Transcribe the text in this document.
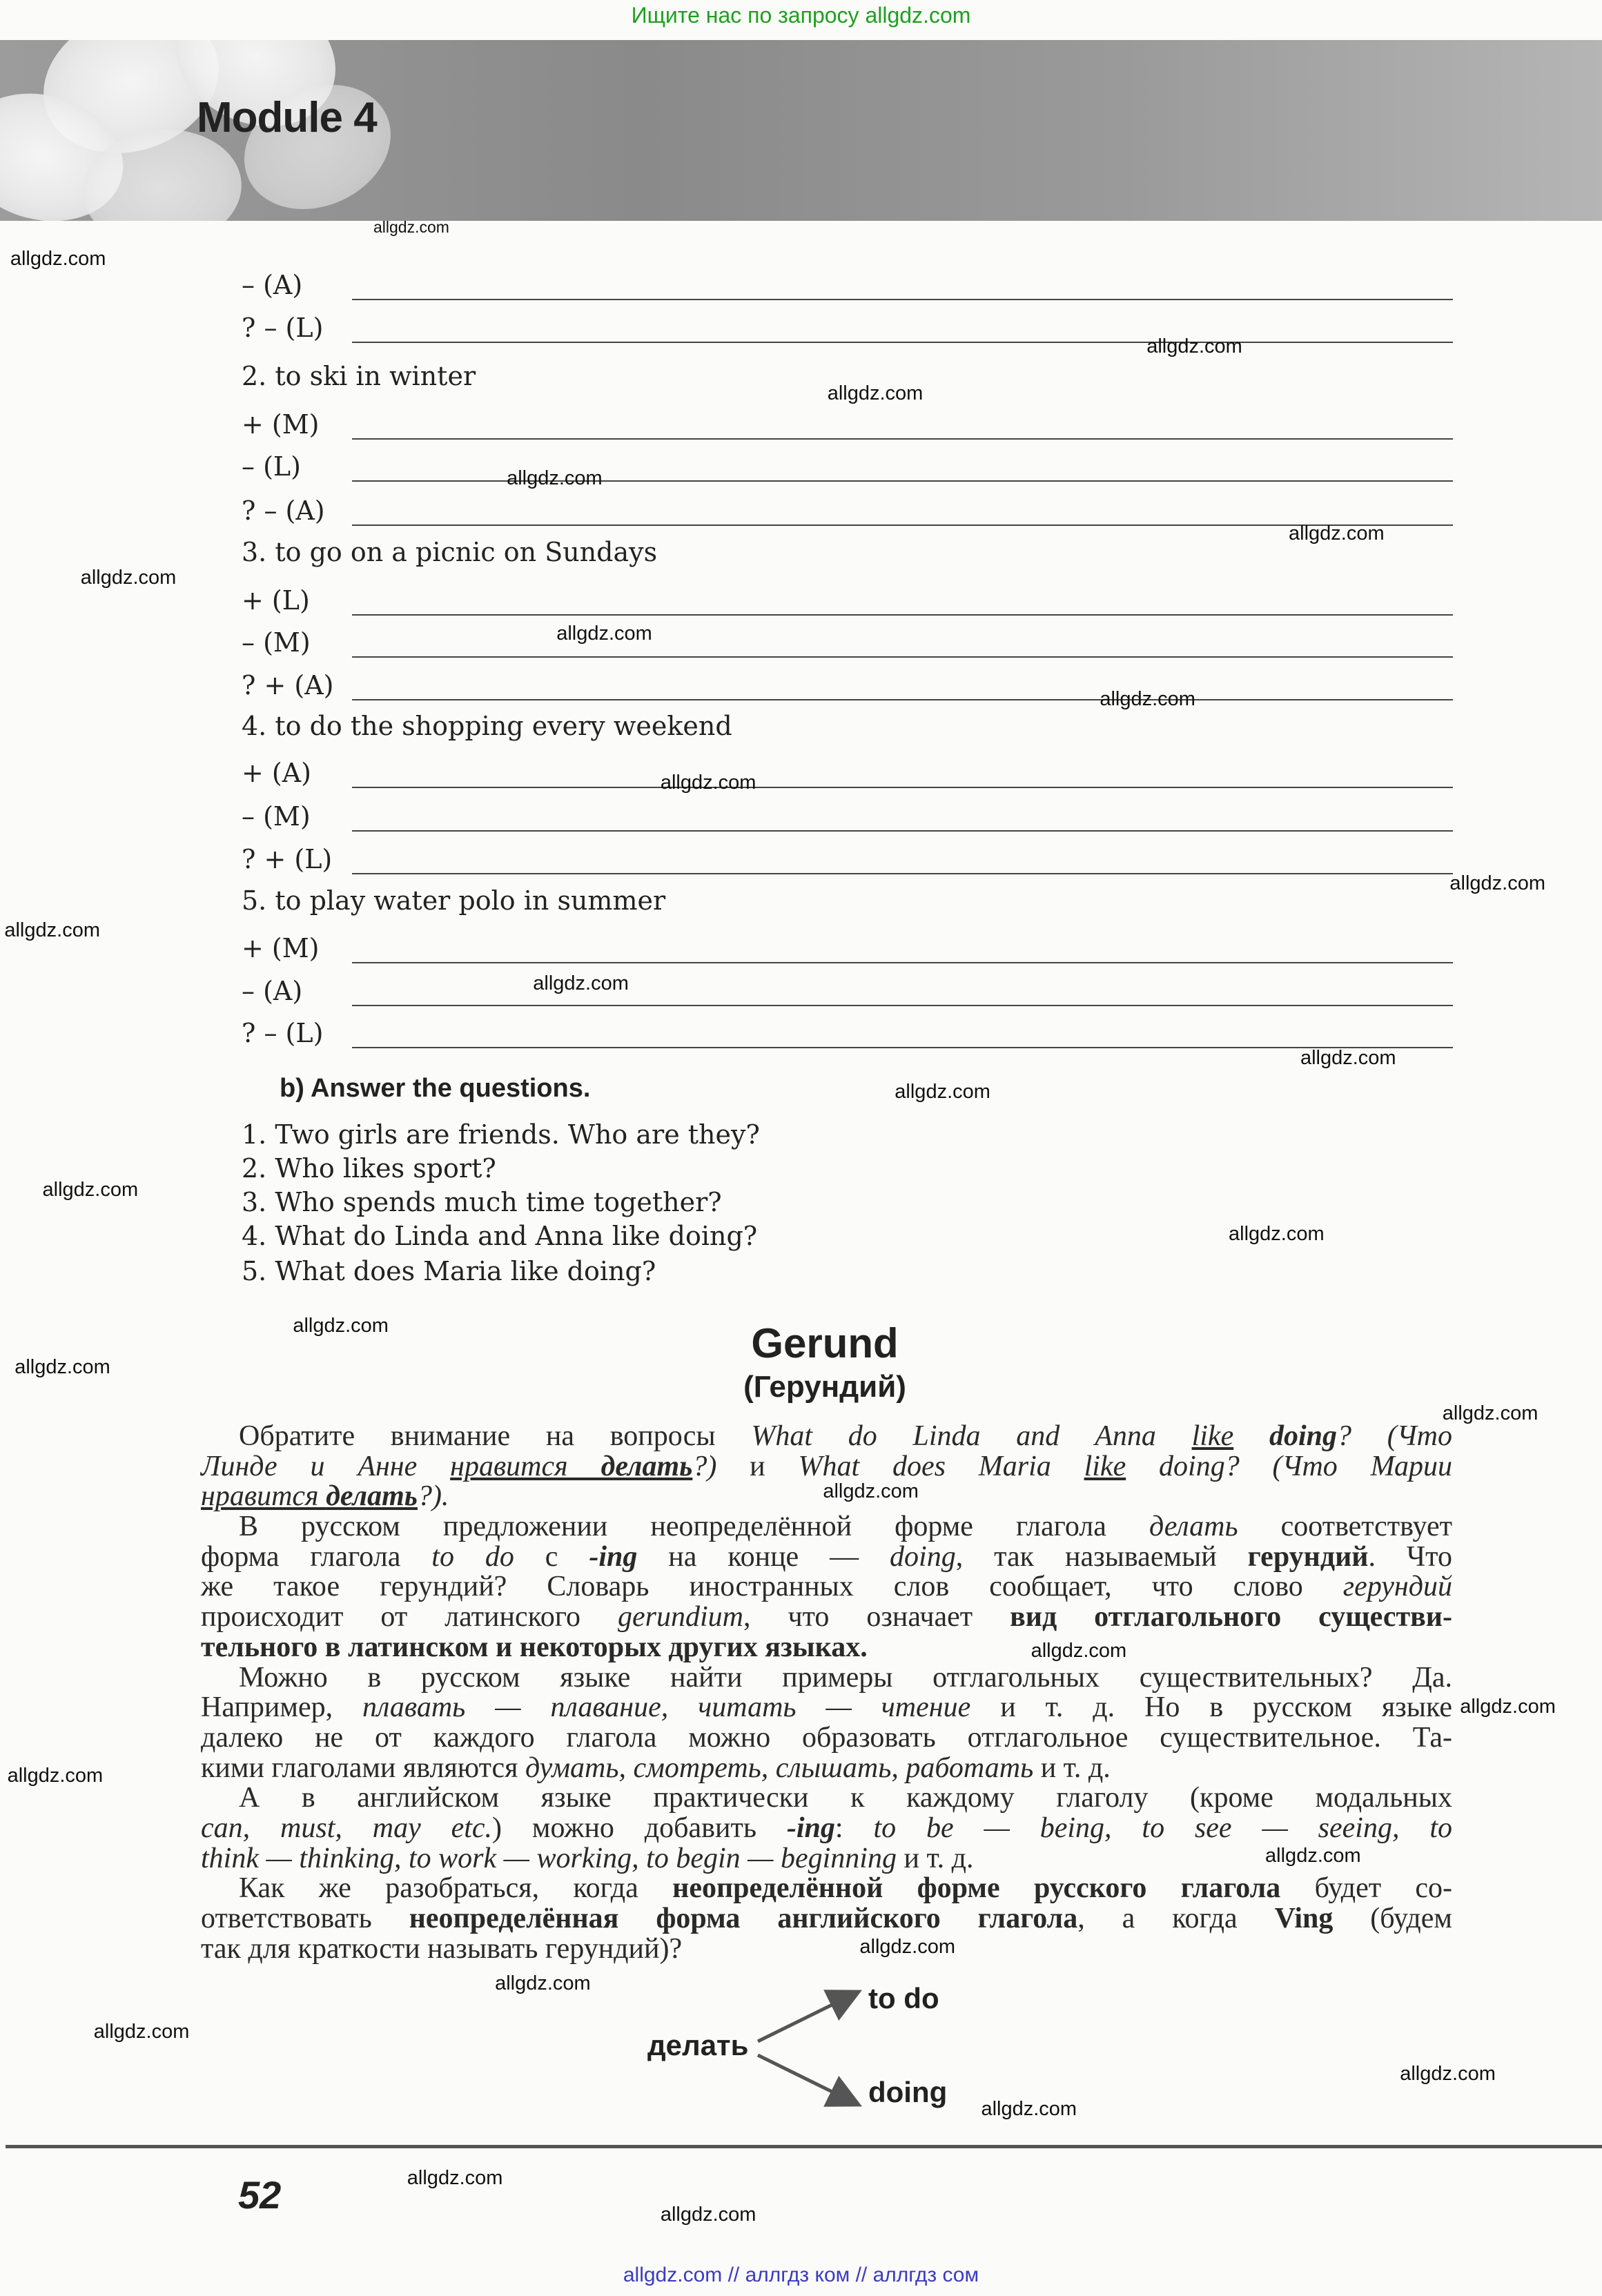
Ищите нас по запросу allgdz.com
Module 4
– (A)
? – (L)
2. to ski in winter
+ (M)
– (L)
? – (A)
3. to go on a picnic on Sundays
+ (L)
– (M)
? + (A)
4. to do the shopping every weekend
+ (A)
– (M)
? + (L)
5. to play water polo in summer
+ (M)
– (A)
? – (L)
b) Answer the questions.
1. Two girls are friends. Who are they?
2. Who likes sport?
3. Who spends much time together?
4. What do Linda and Anna like doing?
5. What does Maria like doing?
Gerund
(Герундий)
Обратите внимание на вопросы What do Linda and Anna like doing? (Что
Линде и Анне нравится делать?) и What does Maria like doing? (Что Марии
нравится делать?).
В русском предложении неопределённой форме глагола делать соответствует
форма глагола to do с -ing на конце — doing, так называемый герундий. Что
же такое герундий? Словарь иностранных слов сообщает, что слово герундий
происходит от латинского gerundium, что означает вид отглагольного существи-
тельного в латинском и некоторых других языках.
Можно в русском языке найти примеры отглагольных существительных? Да.
Например, плавать — плавание, читать — чтение и т. д. Но в русском языке
далеко не от каждого глагола можно образовать отглагольное существительное. Та-
кими глаголами являются думать, смотреть, слышать, работать и т. д.
А в английском языке практически к каждому глаголу (кроме модальных
can, must, may etc.) можно добавить -ing: to be — being, to see — seeing, to
think — thinking, to work — working, to begin — beginning и т. д.
Как же разобраться, когда неопределённой форме русского глагола будет со-
ответствовать неопределённая форма английского глагола, а когда Ving (будем
так для краткости называть герундий)?
to do
делать
doing
52
allgdz.com // аллгдз ком // аллгдз сом
allgdz.com
allgdz.com
allgdz.com
allgdz.com
allgdz.com
allgdz.com
allgdz.com
allgdz.com
allgdz.com
allgdz.com
allgdz.com
allgdz.com
allgdz.com
allgdz.com
allgdz.com
allgdz.com
allgdz.com
allgdz.com
allgdz.com
allgdz.com
allgdz.com
allgdz.com
allgdz.com
allgdz.com
allgdz.com
allgdz.com
allgdz.com
allgdz.com
allgdz.com
allgdz.com
allgdz.com
allgdz.com
